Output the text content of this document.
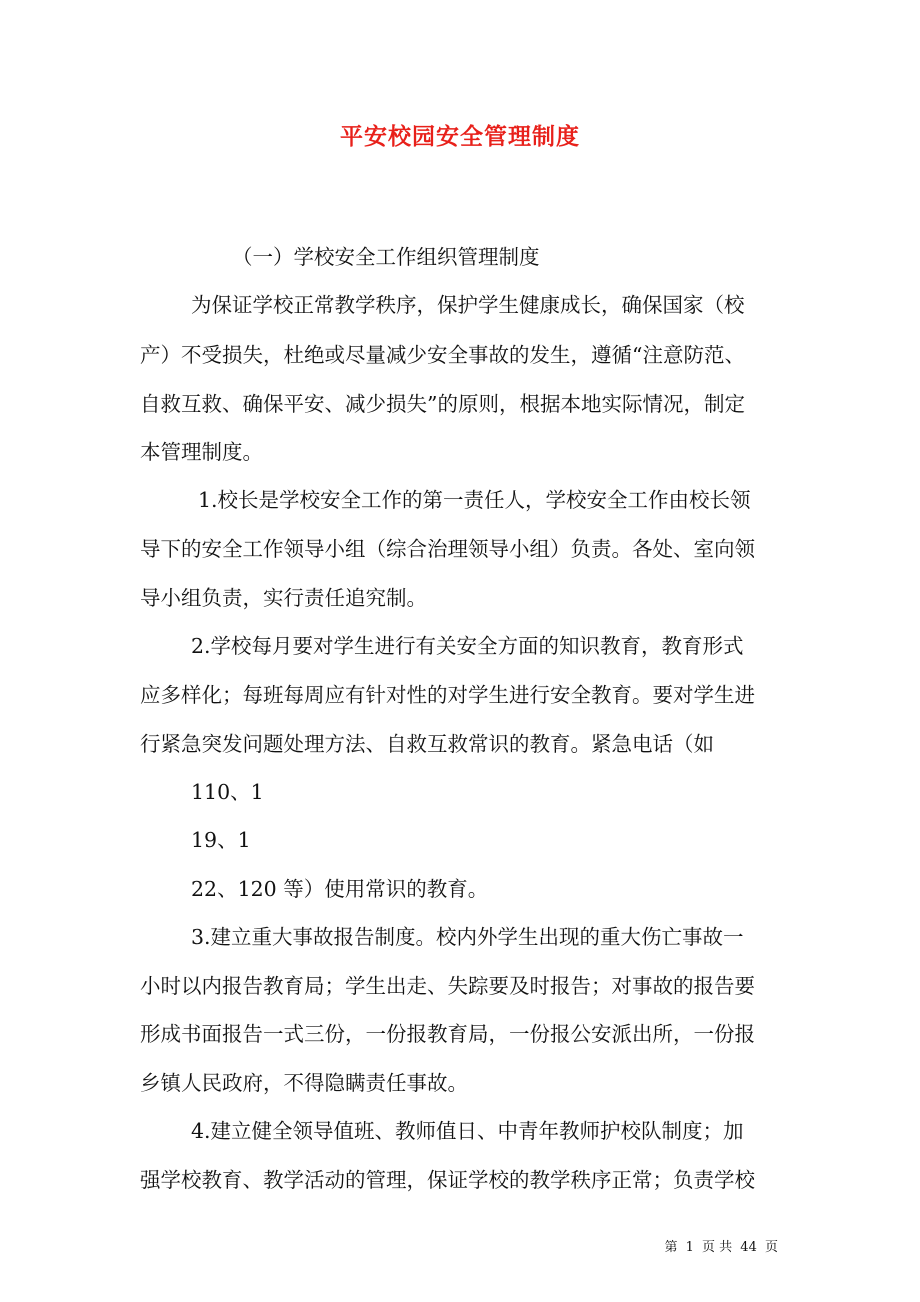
平安校园安全管理制度
（一）学校安全工作组织管理制度
为保证学校正常教学秩序，保护学生健康成长，确保国家（校
产）不受损失，杜绝或尽量减少安全事故的发生，遵循“注意防范、
自救互救、确保平安、减少损失”的原则，根据本地实际情况，制定
本管理制度。
1.校长是学校安全工作的第一责任人，学校安全工作由校长领
导下的安全工作领导小组（综合治理领导小组）负责。各处、室向领
导小组负责，实行责任追究制。
2.学校每月要对学生进行有关安全方面的知识教育，教育形式
应多样化；每班每周应有针对性的对学生进行安全教育。要对学生进
行紧急突发问题处理方法、自救互救常识的教育。紧急电话（如
110、1
19、1
22、120 等）使用常识的教育。
3.建立重大事故报告制度。校内外学生出现的重大伤亡事故一
小时以内报告教育局；学生出走、失踪要及时报告；对事故的报告要
形成书面报告一式三份，一份报教育局，一份报公安派出所，一份报
乡镇人民政府，不得隐瞒责任事故。
4.建立健全领导值班、教师值日、中青年教师护校队制度；加
强学校教育、教学活动的管理，保证学校的教学秩序正常；负责学校
第 1 页 共 44 页
